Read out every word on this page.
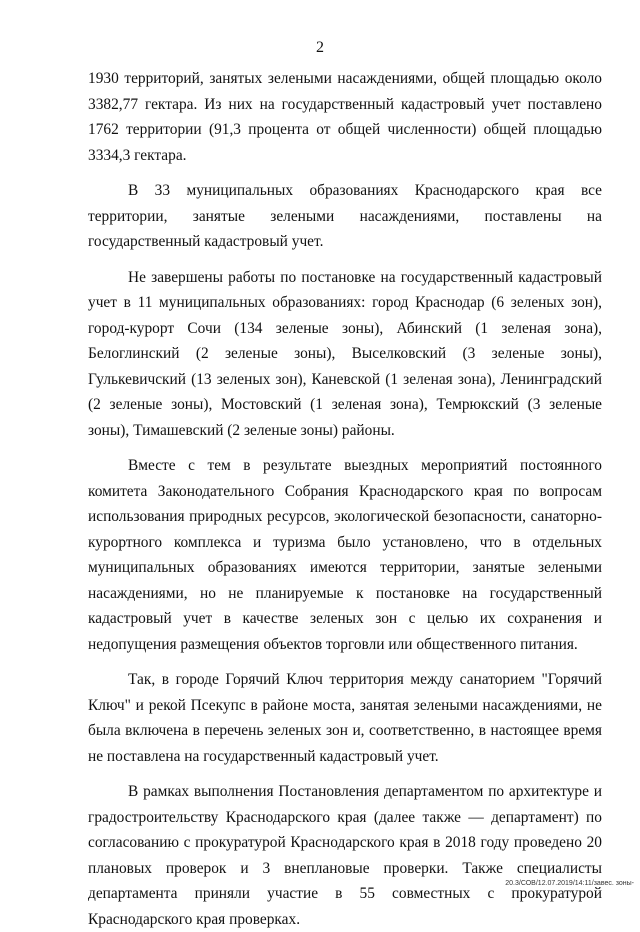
2

1930 территорий, занятых зелеными насаждениями, общей площадью около 3382,77 гектара. Из них на государственный кадастровый учет поставлено 1762 территории (91,3 процента от общей численности) общей площадью 3334,3 гектара.

В 33 муниципальных образованиях Краснодарского края все территории, занятые зелеными насаждениями, поставлены на государственный кадастровый учет.

Не завершены работы по постановке на государственный кадастровый учет в 11 муниципальных образованиях: город Краснодар (6 зеленых зон), город-курорт Сочи (134 зеленые зоны), Абинский (1 зеленая зона), Белоглинский (2 зеленые зоны), Выселковский (3 зеленые зоны), Гулькевичский (13 зеленых зон), Каневской (1 зеленая зона), Ленинградский (2 зеленые зоны), Мостовский (1 зеленая зона), Темрюкский (3 зеленые зоны), Тимашевский (2 зеленые зоны) районы.

Вместе с тем в результате выездных мероприятий постоянного комитета Законодательного Собрания Краснодарского края по вопросам использования природных ресурсов, экологической безопасности, санаторно-курортного комплекса и туризма было установлено, что в отдельных муниципальных образованиях имеются территории, занятые зелеными насаждениями, но не планируемые к постановке на государственный кадастровый учет в качестве зеленых зон с целью их сохранения и недопущения размещения объектов торговли или общественного питания.

Так, в городе Горячий Ключ территория между санаторием "Горячий Ключ" и рекой Псекупс в районе моста, занятая зелеными насаждениями, не была включена в перечень зеленых зон и, соответственно, в настоящее время не поставлена на государственный кадастровый учет.

В рамках выполнения Постановления департаментом по архитектуре и градостроительству Краснодарского края (далее также — департамент) по согласованию с прокуратурой Краснодарского края в 2018 году проведено 20 плановых проверок и 3 внеплановые проверки. Также специалисты департамента приняли участие в 55 совместных с прокуратурой Краснодарского края проверках.

20.3/СОВ/12.07.2019/14:11/завес. зоны-
